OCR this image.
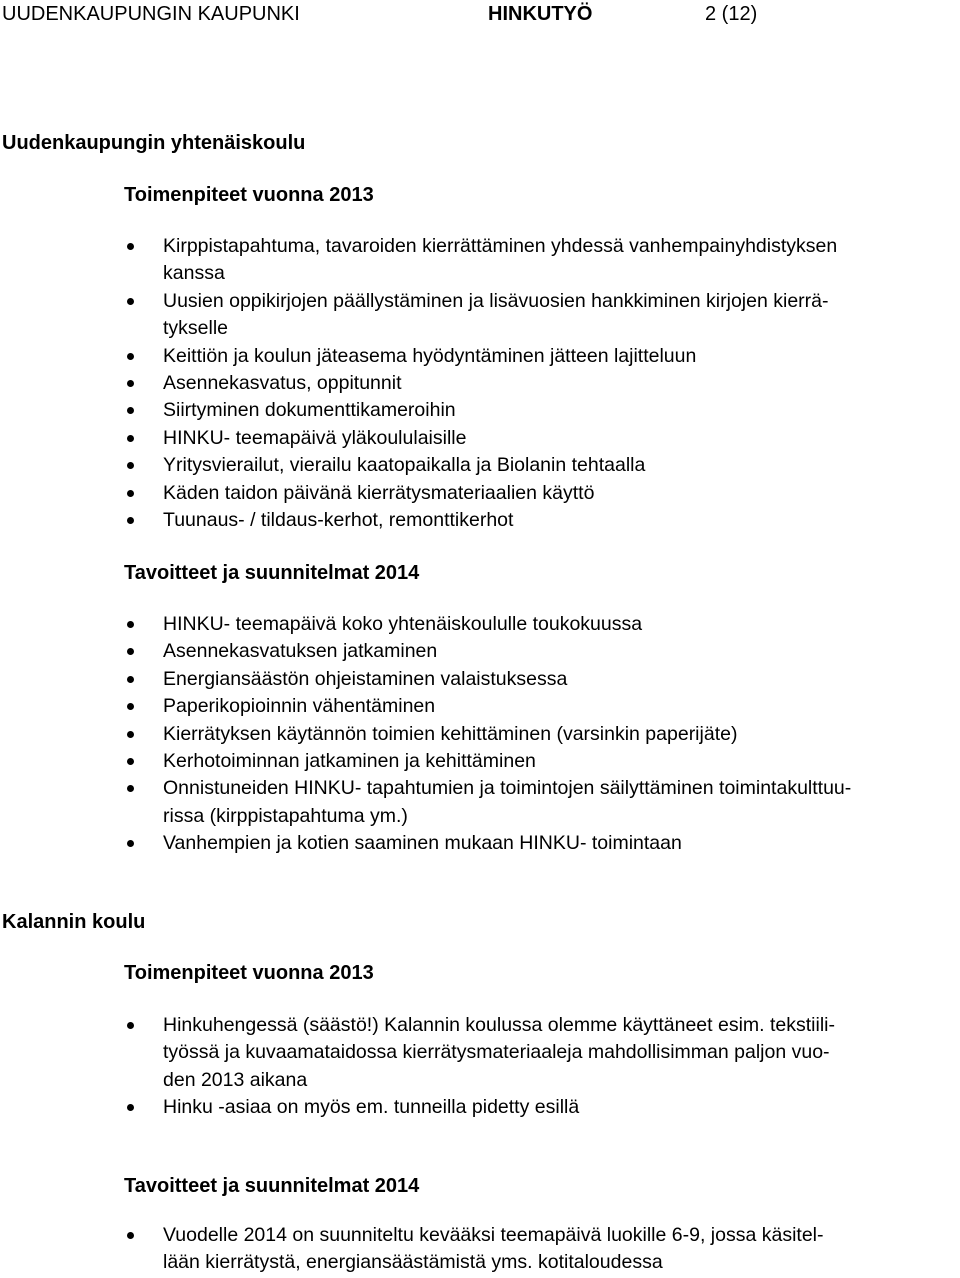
UUDENKAUPUNGIN KAUPUNKI	HINKUTYÖ	2 (12)
Uudenkaupungin yhtenäiskoulu
Toimenpiteet vuonna 2013
Kirppistapahtuma, tavaroiden kierrättäminen yhdessä vanhempainyhdistyksen
kanssa
Uusien oppikirjojen päällystäminen ja lisävuosien hankkiminen kirjojen kierrä-
tykselle
Keittiön ja koulun jäteasema hyödyntäminen jätteen lajitteluun
Asennekasvatus, oppitunnit
Siirtyminen dokumenttikameroihin
HINKU- teemapäivä yläkoululaisille
Yritysvierailut, vierailu kaatopaikalla ja Biolanin tehtaalla
Käden taidon päivänä kierrätysmateriaalien käyttö
Tuunaus- / tildaus-kerhot, remonttikerhot
Tavoitteet ja suunnitelmat 2014
HINKU- teemapäivä koko yhtenäiskoululle toukokuussa
Asennekasvatuksen jatkaminen
Energiansäästön ohjeistaminen valaistuksessa
Paperikopioinnin vähentäminen
Kierrätyksen käytännön toimien kehittäminen (varsinkin paperijäte)
Kerhotoiminnan jatkaminen ja kehittäminen
Onnistuneiden HINKU- tapahtumien ja toimintojen säilyttäminen toimintakulttuu-
rissa (kirppistapahtuma ym.)
Vanhempien ja kotien saaminen mukaan HINKU- toimintaan
Kalannin koulu
Toimenpiteet vuonna 2013
Hinkuhengessä (säästö!) Kalannin koulussa olemme käyttäneet esim. tekstiili-
työssä ja kuvaamataidossa kierrätysmateriaaleja mahdollisimman paljon vuo-
den 2013 aikana
Hinku -asiaa on myös em. tunneilla pidetty esillä
Tavoitteet ja suunnitelmat 2014
Vuodelle 2014 on suunniteltu kevääksi teemapäivä luokille 6-9, jossa käsitel-
lään kierrätystä, energiansäästämistä yms. kotitaloudessa
